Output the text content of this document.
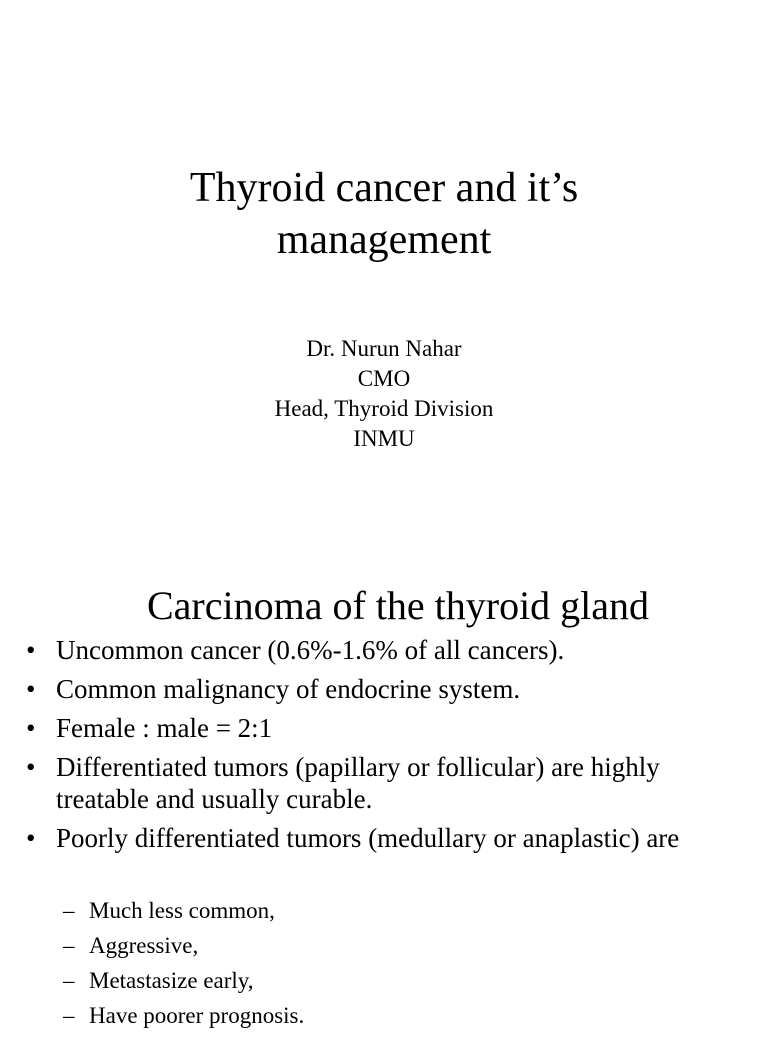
Thyroid cancer and it’s
management
Dr. Nurun Nahar
CMO
Head, Thyroid Division
INMU
Carcinoma of the thyroid gland
• Uncommon cancer (0.6%-1.6% of all cancers).
• Common malignancy of endocrine system.
• Female : male = 2:1
• Differentiated tumors (papillary or follicular) are highly treatable and usually curable.
• Poorly differentiated tumors (medullary or anaplastic) are
– Much less common,
– Aggressive,
– Metastasize early,
– Have poorer prognosis.
